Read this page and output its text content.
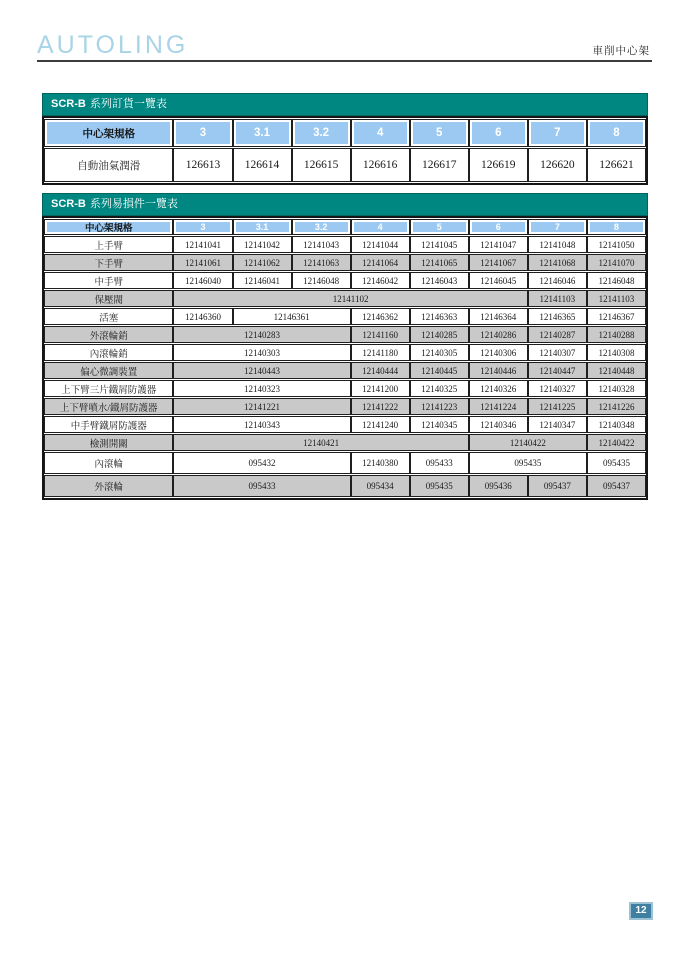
AUTOLING	車削中心架
SCR-B 系列訂貨一覽表
中心架規格	3	3.1	3.2	4	5	6	7	8
自動油氣潤滑	126613	126614	126615	126616	126617	126619	126620	126621
SCR-B 系列易損件一覽表
中心架規格	3	3.1	3.2	4	5	6	7	8
上手臂	12141041	12141042	12141043	12141044	12141045	12141047	12141048	12141050
下手臂	12141061	12141062	12141063	12141064	12141065	12141067	12141068	12141070
中手臂	12146040	12146041	12146048	12146042	12146043	12146045	12146046	12146048
保壓閥	12141102						12141103	12141103
活塞	12146360	12146361		12146362	12146363	12146364	12146365	12146367
外滾輪銷	12140283			12141160	12140285	12140286	12140287	12140288
內滾輪銷	12140303			12141180	12140305	12140306	12140307	12140308
偏心微調裝置	12140443			12140444	12140445	12140446	12140447	12140448
上下臂三片鐵屑防護器	12140323			12141200	12140325	12140326	12140327	12140328
上下臂噴水/鐵屑防護器	12141221			12141222	12141223	12141224	12141225	12141226
中手臂鐵屑防護器	12140343			12141240	12140345	12140346	12140347	12140348
檢測開關	12140421					12140422		12140422
內滾輪	095432			12140380	095433	095435		095435
外滾輪	095433			095434	095435	095436	095437	095437
12
